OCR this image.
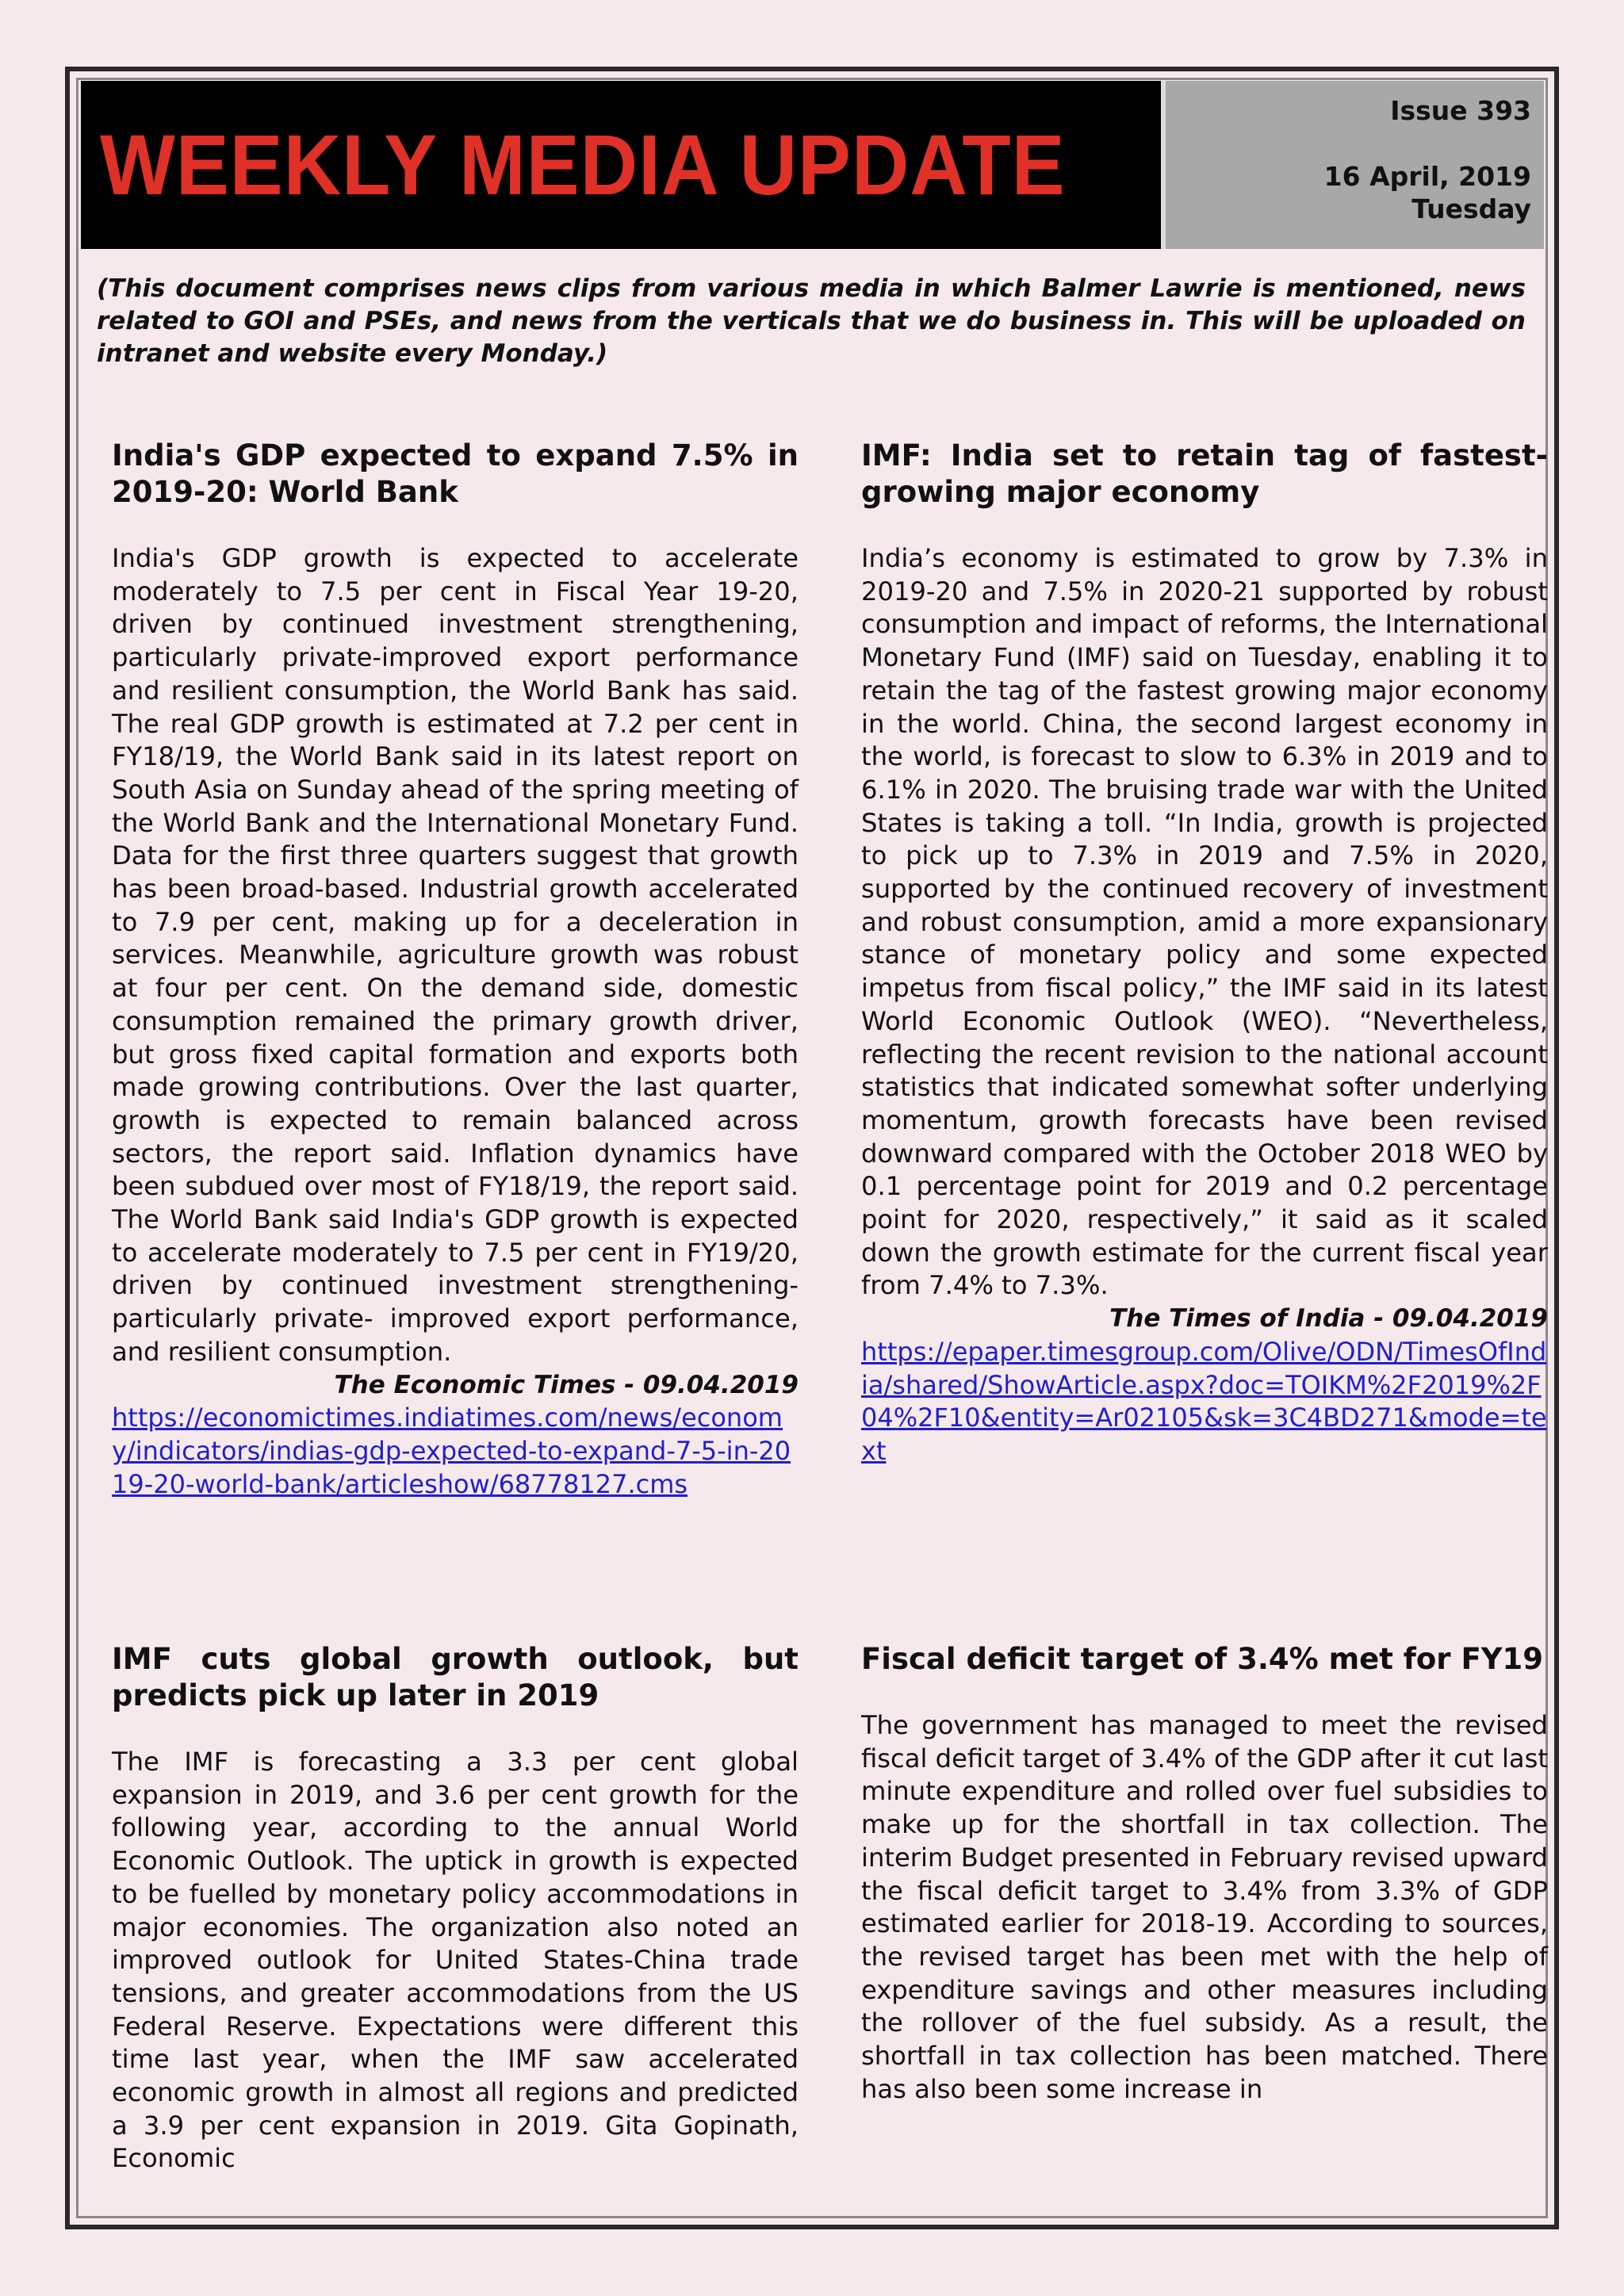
WEEKLY MEDIA UPDATE
Issue 393
16 April, 2019
Tuesday
(This document comprises news clips from various media in which Balmer Lawrie is mentioned, news related to GOI and PSEs, and news from the verticals that we do business in. This will be uploaded on intranet and website every Monday.)
India's GDP expected to expand 7.5% in 2019-20: World Bank

India's GDP growth is expected to accelerate moderately to 7.5 per cent in Fiscal Year 19-20, driven by continued investment strengthening, particularly private-improved export performance and resilient consumption, the World Bank has said. The real GDP growth is estimated at 7.2 per cent in FY18/19, the World Bank said in its latest report on South Asia on Sunday ahead of the spring meeting of the World Bank and the International Monetary Fund. Data for the first three quarters suggest that growth has been broad-based. Industrial growth accelerated to 7.9 per cent, making up for a deceleration in services. Meanwhile, agriculture growth was robust at four per cent. On the demand side, domestic consumption remained the primary growth driver, but gross fixed capital formation and exports both made growing contributions. Over the last quarter, growth is expected to remain balanced across sectors, the report said. Inflation dynamics have been subdued over most of FY18/19, the report said. The World Bank said India's GDP growth is expected to accelerate moderately to 7.5 per cent in FY19/20, driven by continued investment strengthening-particularly private- improved export performance, and resilient consumption.

The Economic Times - 09.04.2019
https://economictimes.indiatimes.com/news/economy/indicators/indias-gdp-expected-to-expand-7-5-in-2019-20-world-bank/articleshow/68778127.cms
IMF: India set to retain tag of fastest-growing major economy

India’s economy is estimated to grow by 7.3% in 2019-20 and 7.5% in 2020-21 supported by robust consumption and impact of reforms, the International Monetary Fund (IMF) said on Tuesday, enabling it to retain the tag of the fastest growing major economy in the world. China, the second largest economy in the world, is forecast to slow to 6.3% in 2019 and to 6.1% in 2020. The bruising trade war with the United States is taking a toll. “In India, growth is projected to pick up to 7.3% in 2019 and 7.5% in 2020, supported by the continued recovery of investment and robust consumption, amid a more expansionary stance of monetary policy and some expected impetus from fiscal policy,” the IMF said in its latest World Economic Outlook (WEO). “Nevertheless, reflecting the recent revision to the national account statistics that indicated somewhat softer underlying momentum, growth forecasts have been revised downward compared with the October 2018 WEO by 0.1 percentage point for 2019 and 0.2 percentage point for 2020, respectively,” it said as it scaled down the growth estimate for the current fiscal year from 7.4% to 7.3%.

The Times of India - 09.04.2019
https://epaper.timesgroup.com/Olive/ODN/TimesOfIndia/shared/ShowArticle.aspx?doc=TOIKM%2F2019%2F04%2F10&entity=Ar02105&sk=3C4BD271&mode=text
IMF cuts global growth outlook, but predicts pick up later in 2019

The IMF is forecasting a 3.3 per cent global expansion in 2019, and 3.6 per cent growth for the following year, according to the annual World Economic Outlook. The uptick in growth is expected to be fuelled by monetary policy accommodations in major economies. The organization also noted an improved outlook for United States-China trade tensions, and greater accommodations from the US Federal Reserve. Expectations were different this time last year, when the IMF saw accelerated economic growth in almost all regions and predicted a 3.9 per cent expansion in 2019. Gita Gopinath, Economic

Fiscal deficit target of 3.4% met for FY19

The government has managed to meet the revised fiscal deficit target of 3.4% of the GDP after it cut last minute expenditure and rolled over fuel subsidies to make up for the shortfall in tax collection. The interim Budget presented in February revised upward the fiscal deficit target to 3.4% from 3.3% of GDP estimated earlier for 2018-19. According to sources, the revised target has been met with the help of expenditure savings and other measures including the rollover of the fuel subsidy. As a result, the shortfall in tax collection has been matched. There has also been some increase in
